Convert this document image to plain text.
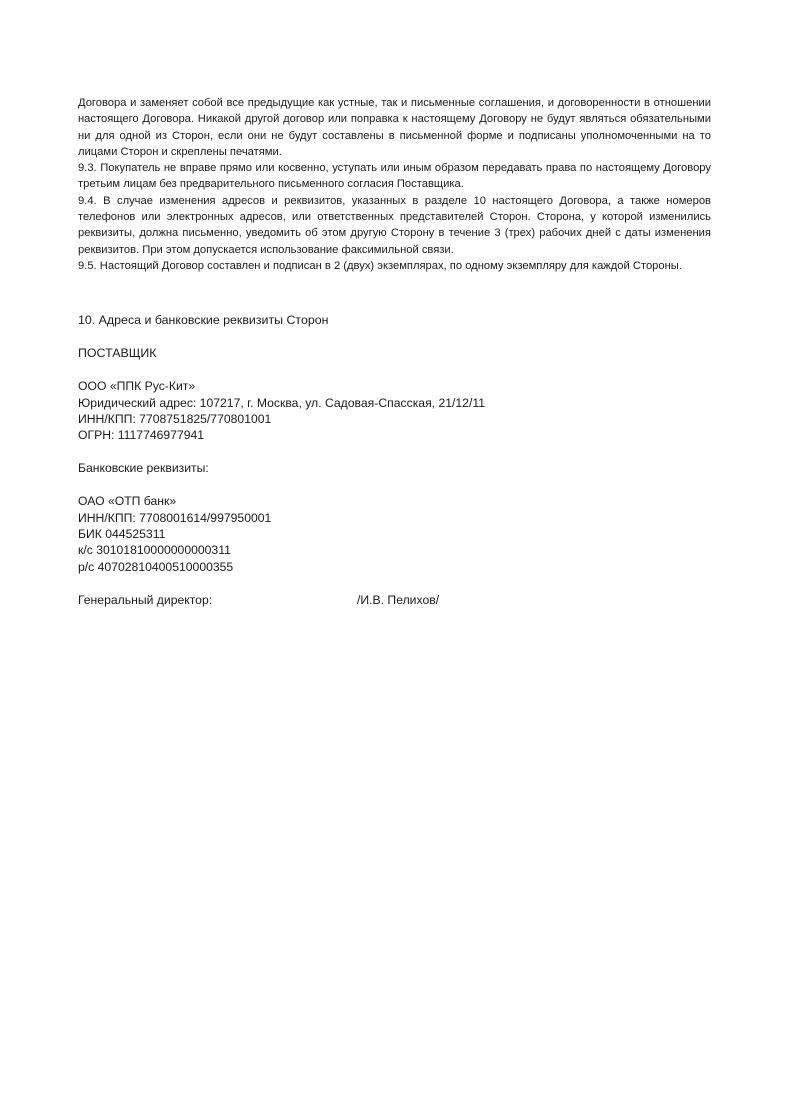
Договора и заменяет собой все предыдущие как устные, так и письменные соглашения, и договоренности в отношении настоящего Договора. Никакой другой договор или поправка к настоящему Договору не будут являться обязательными ни для одной из Сторон, если они не будут составлены в письменной форме и подписаны уполномоченными на то лицами Сторон и скреплены печатями.

9.3. Покупатель не вправе прямо или косвенно, уступать или иным образом передавать права по настоящему Договору третьим лицам без предварительного письменного согласия Поставщика.

9.4. В случае изменения адресов и реквизитов, указанных в разделе 10 настоящего Договора, а также номеров телефонов или электронных адресов, или ответственных представителей Сторон. Сторона, у которой изменились реквизиты, должна письменно, уведомить об этом другую Сторону в течение 3 (трех) рабочих дней с даты изменения реквизитов. При этом допускается использование факсимильной связи.

9.5. Настоящий Договор составлен и подписан в 2 (двух) экземплярах, по одному экземпляру для каждой Стороны.

10. Адреса и банковские реквизиты Сторон
ПОСТАВЩИК
ООО «ППК Рус-Кит»
Юридический адрес: 107217, г. Москва, ул. Садовая-Спасская, 21/12/11
ИНН/КПП: 7708751825/770801001
ОГРН: 1117746977941
Банковские реквизиты:
ОАО «ОТП банк»
ИНН/КПП: 7708001614/997950001
БИК 044525311
к/с 30101810000000000311
р/с 40702810400510000355
Генеральный директор:	/И.В. Пелихов/
